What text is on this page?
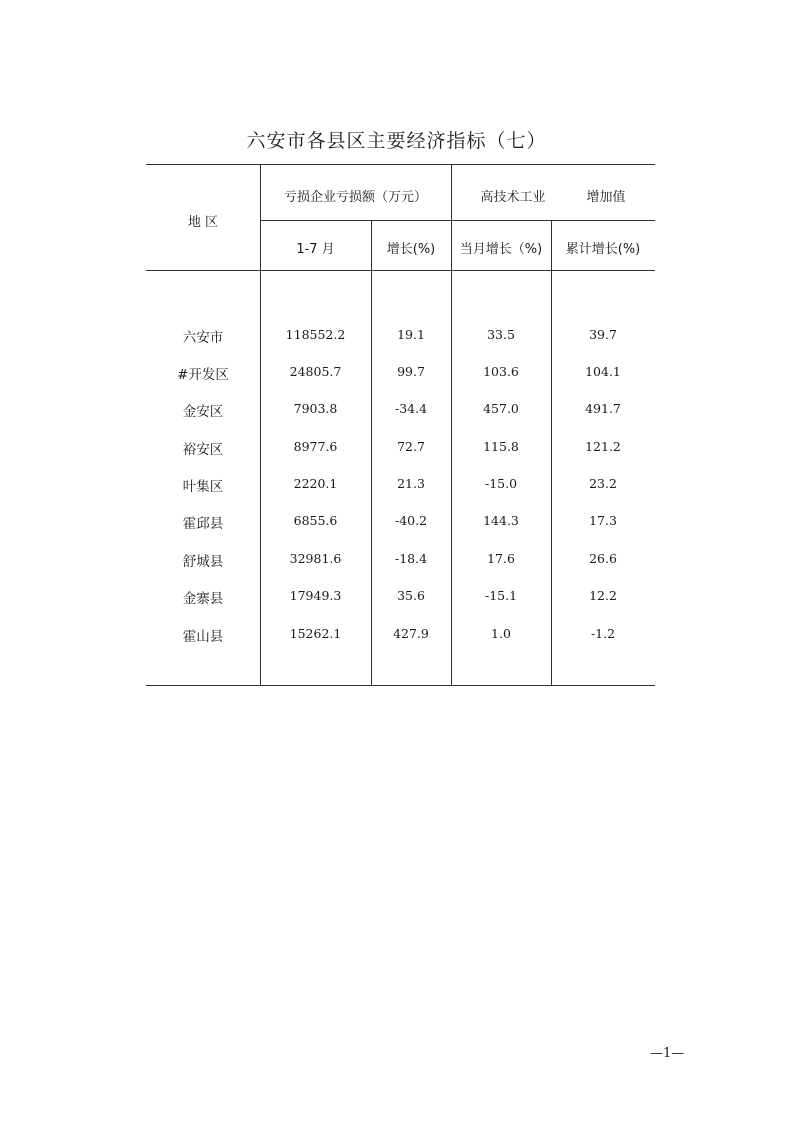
六安市各县区主要经济指标（七）
地 区
亏损企业亏损额（万元）	高技术工业	增加值
1-7 月	增长(%)	当月增长（%)	累计增长(%)
六安市	118552.2	19.1	33.5	39.7
#开发区	24805.7	99.7	103.6	104.1
金安区	7903.8	-34.4	457.0	491.7
裕安区	8977.6	72.7	115.8	121.2
叶集区	2220.1	21.3	-15.0	23.2
霍邱县	6855.6	-40.2	144.3	17.3
舒城县	32981.6	-18.4	17.6	26.6
金寨县	17949.3	35.6	-15.1	12.2
霍山县	15262.1	427.9	1.0	-1.2
—1—
